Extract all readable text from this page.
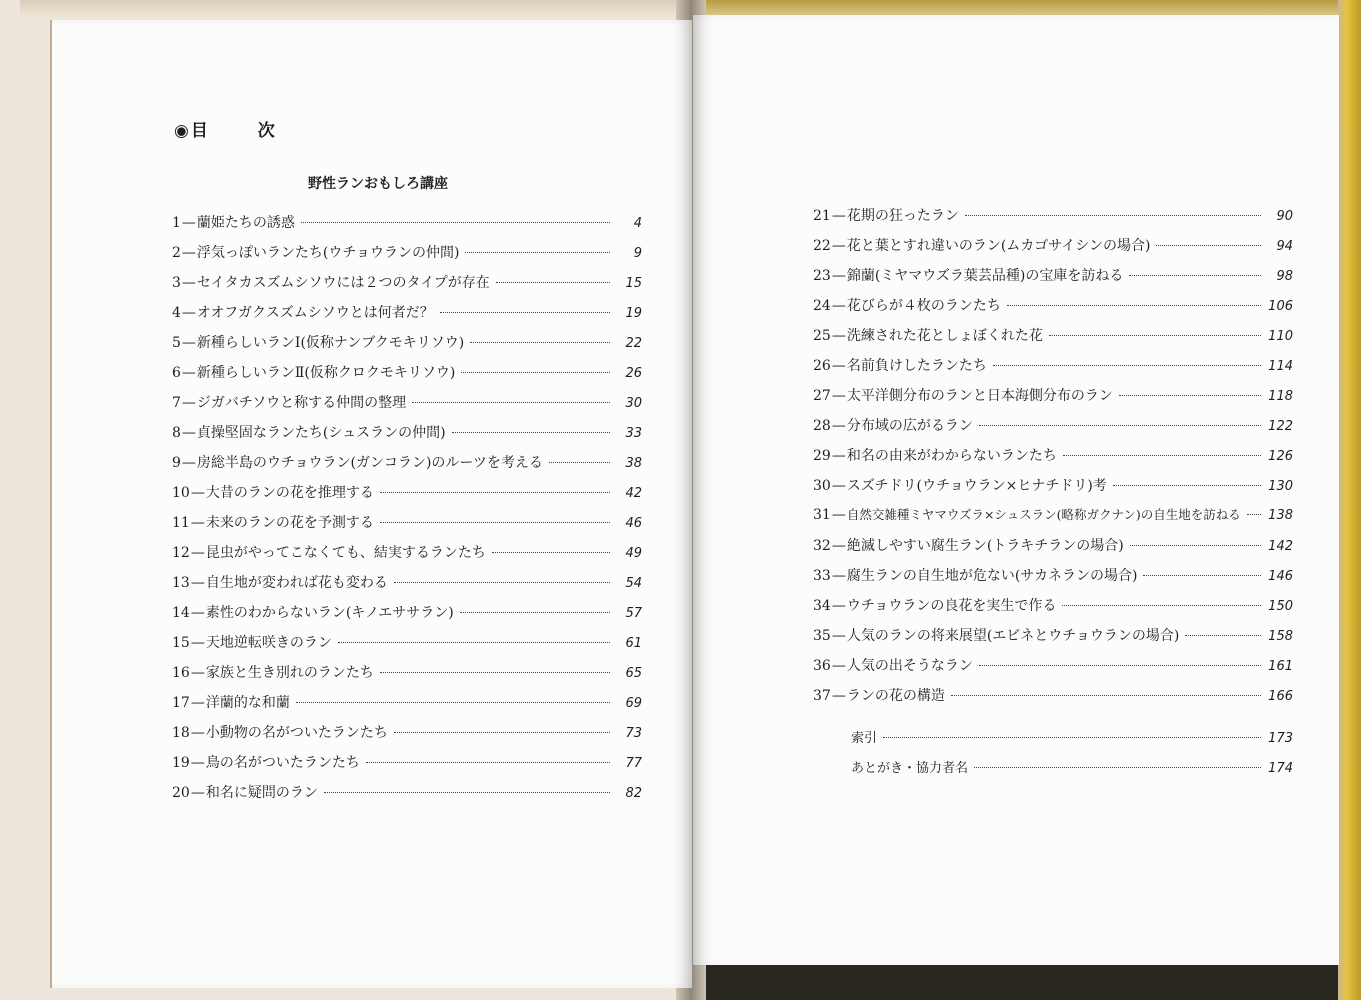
◉ 目 次
野性ランおもしろ講座
1 — 蘭姫たちの誘惑	4
2 — 浮気っぽいランたち(ウチョウランの仲間)	9
3 — セイタカスズムシソウには２つのタイプが存在	15
4 — オオフガクスズムシソウとは何者だ？	19
5 — 新種らしいランⅠ(仮称ナンブクモキリソウ)	22
6 — 新種らしいランⅡ(仮称クロクモキリソウ)	26
7 — ジガバチソウと称する仲間の整理	30
8 — 貞操堅固なランたち(シュスランの仲間)	33
9 — 房総半島のウチョウラン(ガンコラン)のルーツを考える	38
10 — 大昔のランの花を推理する	42
11 — 未来のランの花を予測する	46
12 — 昆虫がやってこなくても、結実するランたち	49
13 — 自生地が変われば花も変わる	54
14 — 素性のわからないラン(キノエササラン)	57
15 — 天地逆転咲きのラン	61
16 — 家族と生き別れのランたち	65
17 — 洋蘭的な和蘭	69
18 — 小動物の名がついたランたち	73
19 — 鳥の名がついたランたち	77
20 — 和名に疑問のラン	82
21 — 花期の狂ったラン	90
22 — 花と葉とすれ違いのラン(ムカゴサイシンの場合)	94
23 — 錦蘭(ミヤマウズラ葉芸品種)の宝庫を訪ねる	98
24 — 花びらが４枚のランたち	106
25 — 洗練された花としょぼくれた花	110
26 — 名前負けしたランたち	114
27 — 太平洋側分布のランと日本海側分布のラン	118
28 — 分布域の広がるラン	122
29 — 和名の由来がわからないランたち	126
30 — スズチドリ(ウチョウラン×ヒナチドリ)考	130
31 — 自然交雑種ミヤマウズラ×シュスラン(略称ガクナン)の自生地を訪ねる 138
32 — 絶滅しやすい腐生ラン(トラキチランの場合)	142
33 — 腐生ランの自生地が危ない(サカネランの場合)	146
34 — ウチョウランの良花を実生で作る	150
35 — 人気のランの将来展望(エビネとウチョウランの場合)	158
36 — 人気の出そうなラン	161
37 — ランの花の構造	166
索引	173
あとがき・協力者名	174
